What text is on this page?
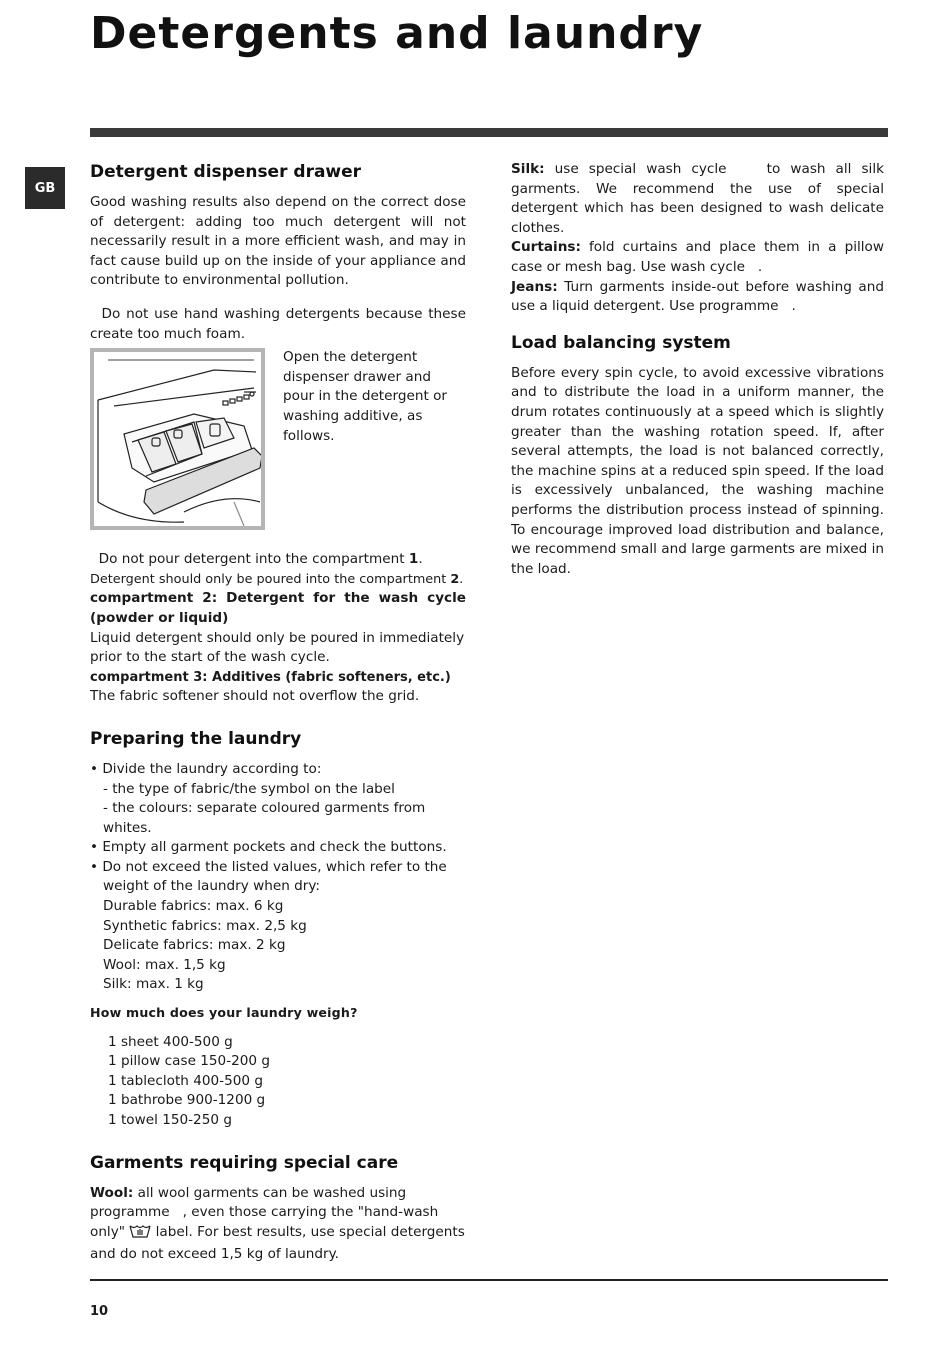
Detergents and laundry
GB
Detergent dispenser drawer

Good washing results also depend on the correct dose of detergent: adding too much detergent will not necessarily result in a more efficient wash, and may in fact cause build up on the inside of your appliance and contribute to environmental pollution.

Do not use hand washing detergents because these create too much foam.

Open the detergent dispenser drawer and pour in the detergent or washing additive, as follows.

Do not pour detergent into the compartment 1.

Detergent should only be poured into the compartment 2.

compartment 2: Detergent for the wash cycle (powder or liquid)

Liquid detergent should only be poured in immediately prior to the start of the wash cycle.

compartment 3: Additives (fabric softeners, etc.)

The fabric softener should not overflow the grid.

Preparing the laundry

• Divide the laundry according to:

- the type of fabric/the symbol on the label

- the colours: separate coloured garments from

whites.

• Empty all garment pockets and check the buttons.

• Do not exceed the listed values, which refer to the

weight of the laundry when dry:

Durable fabrics: max. 6 kg

Synthetic fabrics: max. 2,5 kg

Delicate fabrics: max. 2 kg

Wool: max. 1,5 kg

Silk: max. 1 kg

How much does your laundry weigh?

1 sheet 400-500 g

1 pillow case 150-200 g

1 tablecloth 400-500 g

1 bathrobe 900-1200 g

1 towel 150-250 g

Garments requiring special care

Wool: all wool garments can be washed using programme   , even those carrying the "hand-wash only"  label. For best results, use special detergents and do not exceed 1,5 kg of laundry.

Silk: use special wash cycle    to wash all silk garments. We recommend the use of special detergent which has been designed to wash delicate clothes.

Curtains: fold curtains and place them in a pillow case or mesh bag. Use wash cycle   .

Jeans: Turn garments inside-out before washing and use a liquid detergent. Use programme   .

Load balancing system

Before every spin cycle, to avoid excessive vibrations and to distribute the load in a uniform manner, the drum rotates continuously at a speed which is slightly greater than the washing rotation speed. If, after several attempts, the load is not balanced correctly, the machine spins at a reduced spin speed. If the load is excessively unbalanced, the washing machine performs the distribution process instead of spinning. To encourage improved load distribution and balance, we recommend small and large garments are mixed in the load.

10
